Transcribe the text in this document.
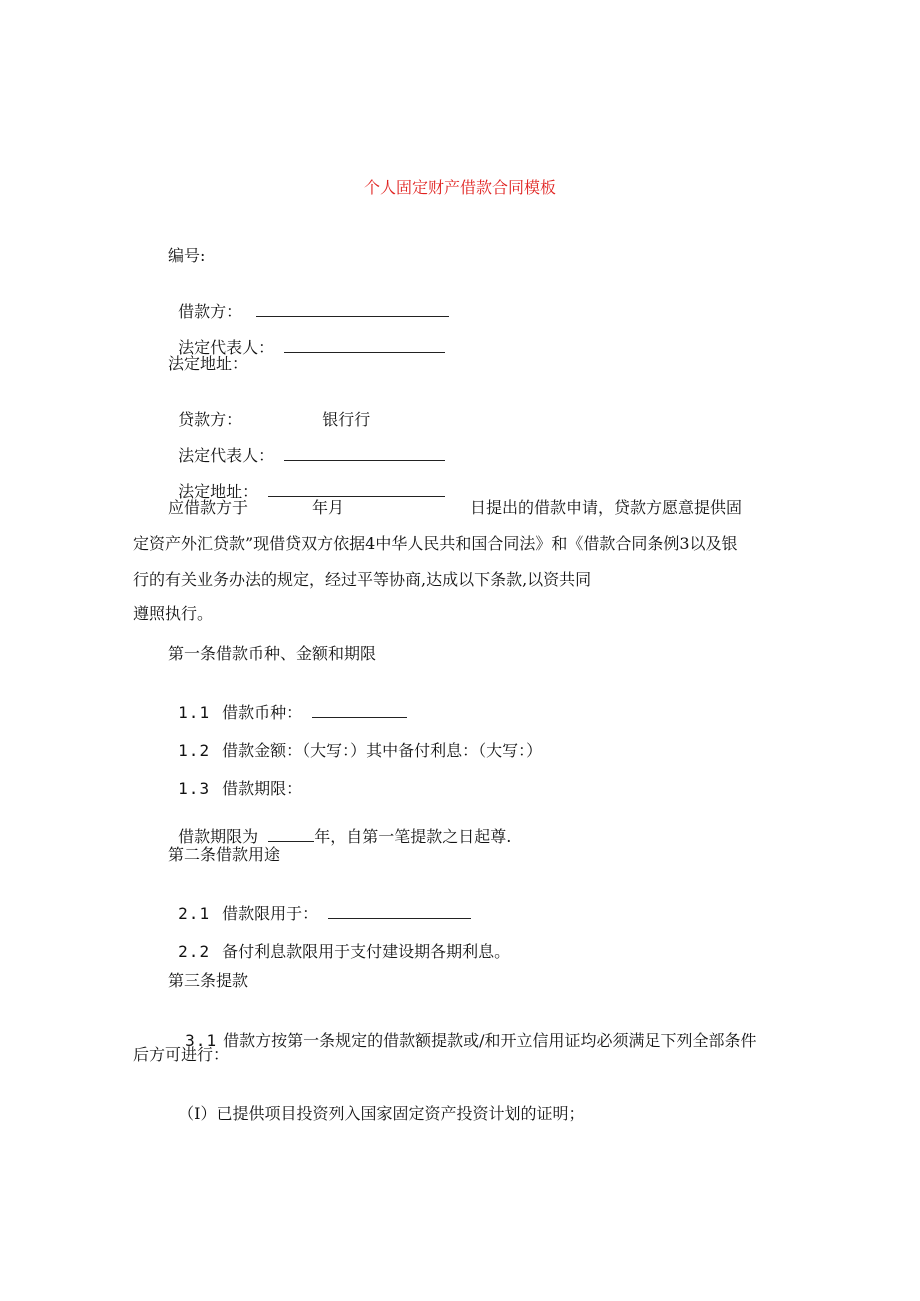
个人固定财产借款合同模板
编号:

借款方：

法定代表人：

法定地址：

贷款方：	银行行

法定代表人：

法定地址：

应借款方于	年月	日提出的借款申请，贷款方愿意提供固
定资产外汇贷款”现借贷双方依据4中华人民共和国合同法》和《借款合同条例3以及银
行的有关业务办法的规定，经过平等协商,达成以下条款,以资共同
遵照执行。
第一条借款币种、金额和期限

1.1 借款币种：

1.2 借款金额：（大写：）其中备付利息：（大写：）

1.3 借款期限：

借款期限为	年，自第一笔提款之日起尊.

第二条借款用途

2.1 借款限用于：

2.2 备付利息款限用于支付建设期各期利息。

第三条提款

3.1 借款方按第一条规定的借款额提款或/和开立信用证均必须满足下列全部条件

后方可进行：

（I）已提供项目投资列入国家固定资产投资计划的证明；
